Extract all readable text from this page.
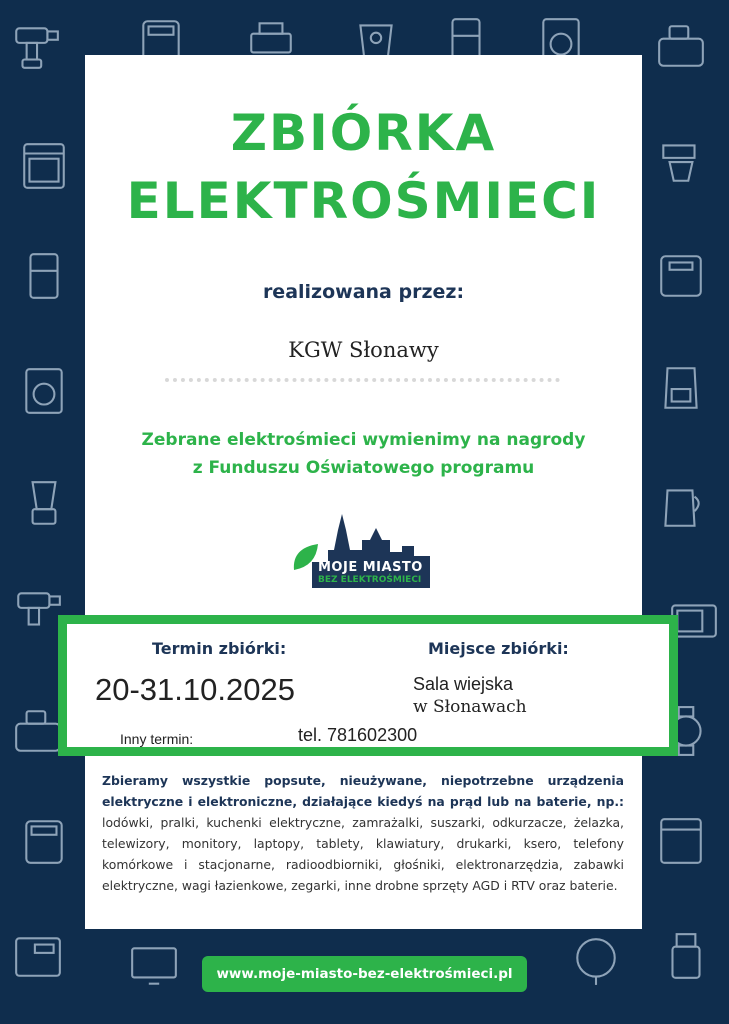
ZBIÓRKA
ELEKTROŚMIECI
realizowana przez:
KGW Słonawy
Zebrane elektrośmieci wymienimy na nagrody
z Funduszu Oświatowego programu
MOJE MIASTO
BEZ ELEKTROŚMIECI
Termin zbiórki:	Miejsce zbiórki:
20-31.10.2025	Sala wiejska
w Słonawach
Inny termin:	tel. 781602300
Zbieramy wszystkie popsute, nieużywane, niepotrzebne urządzenia elektryczne i elektroniczne, działające kiedyś na prąd lub na baterie, np.: lodówki, pralki, kuchenki elektryczne, zamrażalki, suszarki, odkurzacze, żelazka, telewizory, monitory, laptopy, tablety, klawiatury, drukarki, ksero, telefony komórkowe i stacjonarne, radioodbiorniki, głośniki, elektronarzędzia, zabawki elektryczne, wagi łazienkowe, zegarki, inne drobne sprzęty AGD i RTV oraz baterie.
www.moje-miasto-bez-elektrośmieci.pl
